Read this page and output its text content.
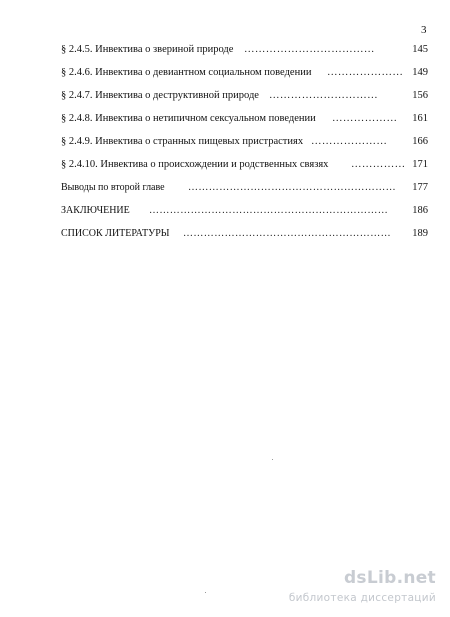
3
§ 2.4.5. Инвектива о звериной природе ………………………………	145
§ 2.4.6. Инвектива о девиантном социальном поведении ………………… 149
§ 2.4.7. Инвектива о деструктивной природе …………………………	156
§ 2.4.8. Инвектива о нетипичном сексуальном поведении ………………	161
§ 2.4.9. Инвектива о странных пищевых пристрастиях …………………	166
§ 2.4.10. Инвектива о происхождении и родственных связях …………… 171
Выводы по второй главе ……………………………………………………	177
ЗАКЛЮЧЕНИЕ ……………………………………………………………	186
СПИСОК ЛИТЕРАТУРЫ ……………………………………………………	189
dsLib.net
библиотека диссертаций
